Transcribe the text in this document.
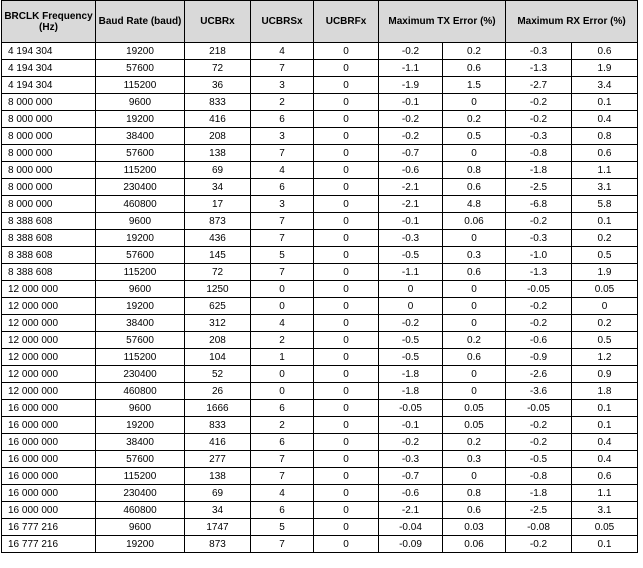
BRCLK Frequency (Hz)	Baud Rate (baud)	UCBRx	UCBRSx	UCBRFx	Maximum TX Error (%)		Maximum RX Error (%)	
4 194 304	19200	218	4	0	-0.2	0.2	-0.3	0.6
4 194 304	57600	72	7	0	-1.1	0.6	-1.3	1.9
4 194 304	115200	36	3	0	-1.9	1.5	-2.7	3.4
8 000 000	9600	833	2	0	-0.1	0	-0.2	0.1
8 000 000	19200	416	6	0	-0.2	0.2	-0.2	0.4
8 000 000	38400	208	3	0	-0.2	0.5	-0.3	0.8
8 000 000	57600	138	7	0	-0.7	0	-0.8	0.6
8 000 000	115200	69	4	0	-0.6	0.8	-1.8	1.1
8 000 000	230400	34	6	0	-2.1	0.6	-2.5	3.1
8 000 000	460800	17	3	0	-2.1	4.8	-6.8	5.8
8 388 608	9600	873	7	0	-0.1	0.06	-0.2	0.1
8 388 608	19200	436	7	0	-0.3	0	-0.3	0.2
8 388 608	57600	145	5	0	-0.5	0.3	-1.0	0.5
8 388 608	115200	72	7	0	-1.1	0.6	-1.3	1.9
12 000 000	9600	1250	0	0	0	0	-0.05	0.05
12 000 000	19200	625	0	0	0	0	-0.2	0
12 000 000	38400	312	4	0	-0.2	0	-0.2	0.2
12 000 000	57600	208	2	0	-0.5	0.2	-0.6	0.5
12 000 000	115200	104	1	0	-0.5	0.6	-0.9	1.2
12 000 000	230400	52	0	0	-1.8	0	-2.6	0.9
12 000 000	460800	26	0	0	-1.8	0	-3.6	1.8
16 000 000	9600	1666	6	0	-0.05	0.05	-0.05	0.1
16 000 000	19200	833	2	0	-0.1	0.05	-0.2	0.1
16 000 000	38400	416	6	0	-0.2	0.2	-0.2	0.4
16 000 000	57600	277	7	0	-0.3	0.3	-0.5	0.4
16 000 000	115200	138	7	0	-0.7	0	-0.8	0.6
16 000 000	230400	69	4	0	-0.6	0.8	-1.8	1.1
16 000 000	460800	34	6	0	-2.1	0.6	-2.5	3.1
16 777 216	9600	1747	5	0	-0.04	0.03	-0.08	0.05
16 777 216	19200	873	7	0	-0.09	0.06	-0.2	0.1
